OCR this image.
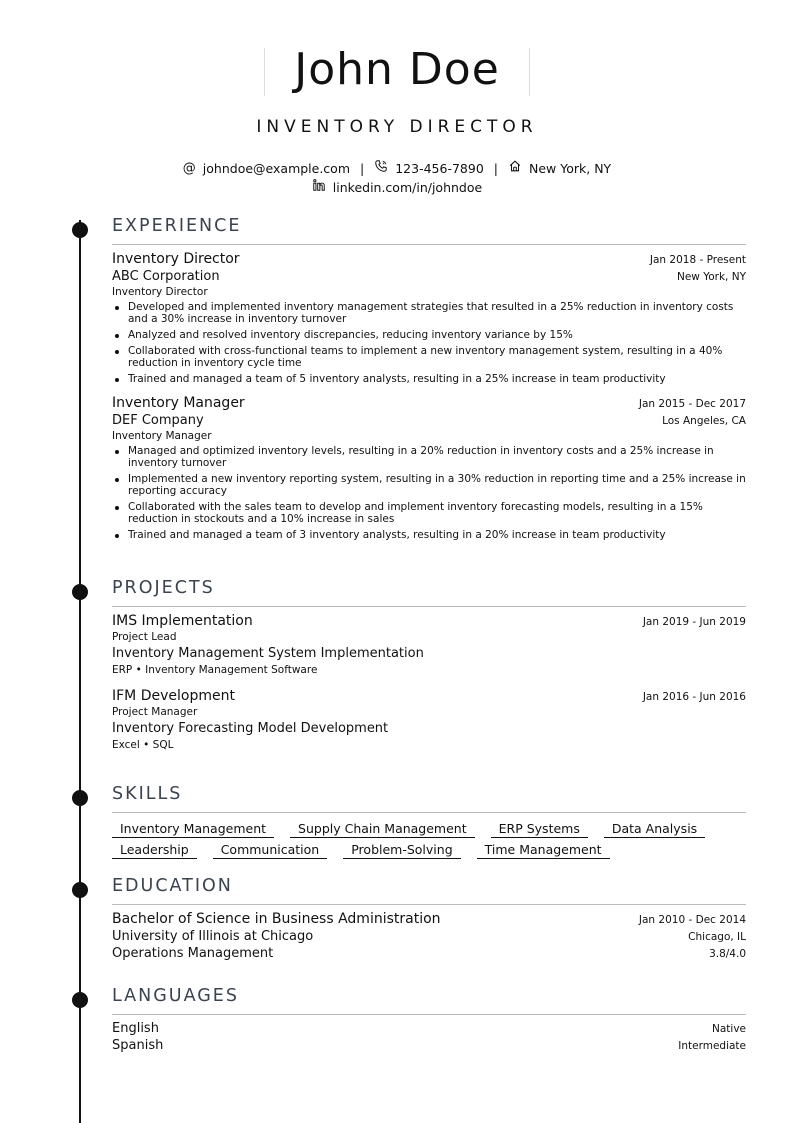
John Doe
INVENTORY DIRECTOR
@ johndoe@example.com | 123-456-7890 | New York, NY
linkedin.com/in/johndoe
EXPERIENCE
Inventory Director	Jan 2018 - Present
ABC Corporation	New York, NY
Inventory Director
Developed and implemented inventory management strategies that resulted in a 25% reduction in inventory costs and a 30% increase in inventory turnover
Analyzed and resolved inventory discrepancies, reducing inventory variance by 15%
Collaborated with cross-functional teams to implement a new inventory management system, resulting in a 40% reduction in inventory cycle time
Trained and managed a team of 5 inventory analysts, resulting in a 25% increase in team productivity
Inventory Manager	Jan 2015 - Dec 2017
DEF Company	Los Angeles, CA
Inventory Manager
Managed and optimized inventory levels, resulting in a 20% reduction in inventory costs and a 25% increase in inventory turnover
Implemented a new inventory reporting system, resulting in a 30% reduction in reporting time and a 25% increase in reporting accuracy
Collaborated with the sales team to develop and implement inventory forecasting models, resulting in a 15% reduction in stockouts and a 10% increase in sales
Trained and managed a team of 3 inventory analysts, resulting in a 20% increase in team productivity
PROJECTS
IMS Implementation	Jan 2019 - Jun 2019
Project Lead
Inventory Management System Implementation
ERP • Inventory Management Software
IFM Development	Jan 2016 - Jun 2016
Project Manager
Inventory Forecasting Model Development
Excel • SQL
SKILLS
Inventory Management	Supply Chain Management	ERP Systems	Data Analysis
Leadership	Communication	Problem-Solving	Time Management
EDUCATION
Bachelor of Science in Business Administration	Jan 2010 - Dec 2014
University of Illinois at Chicago	Chicago, IL
Operations Management	3.8/4.0
LANGUAGES
English	Native
Spanish	Intermediate
